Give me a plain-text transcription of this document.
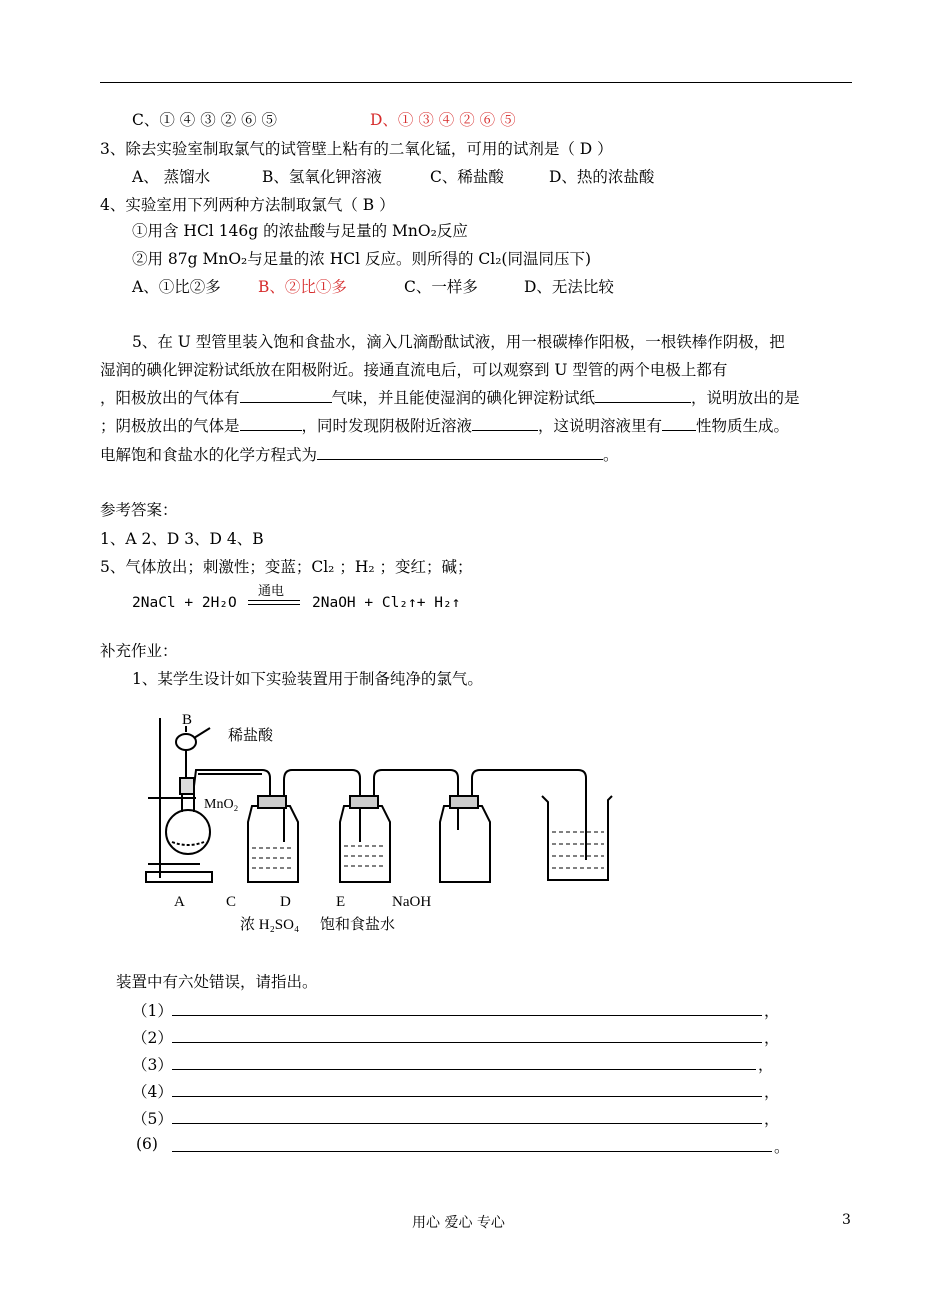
C、① ④ ③ ② ⑥ ⑤	D、① ③ ④ ② ⑥ ⑤
3、除去实验室制取氯气的试管壁上粘有的二氧化锰，可用的试剂是（ D ）
A、 蒸馏水	B、氢氧化钾溶液	C、稀盐酸	D、热的浓盐酸
4、实验室用下列两种方法制取氯气（ B ）
①用含 HCl 146g 的浓盐酸与足量的 MnO₂反应
②用 87g MnO₂与足量的浓 HCl 反应。则所得的 Cl₂(同温同压下)
A、①比②多 B、②比①多	C、一样多	D、无法比较
5、在 U 型管里装入饱和食盐水，滴入几滴酚酞试液，用一根碳棒作阳极，一根铁棒作阴极，把
湿润的碘化钾淀粉试纸放在阳极附近。接通直流电后，可以观察到 U 型管的两个电极上都有
，阳极放出的气体有	气味，并且能使湿润的碘化钾淀粉试纸	，说明放出的是
；阴极放出的气体是	，同时发现阴极附近溶液	，这说明溶液里有 性物质生成。
电解饱和食盐水的化学方程式为	。
参考答案：
1、A 2、D 3、D 4、B
5、气体放出；刺激性；变蓝；Cl₂ ；H₂ ；变红；碱；
2NaCl + 2H₂O
通电
2NaOH + Cl₂↑+ H₂↑
补充作业：
1、某学生设计如下实验装置用于制备纯净的氯气。
B
稀盐酸
MnO₂
A	C	D	E	NaOH
浓 H₂SO₄ 饱和食盐水
装置中有六处错误，请指出。
（1）	，
（2）	，
（3）	，
（4）	，
（5）	，
(6)	。
用心 爱心 专心	3
